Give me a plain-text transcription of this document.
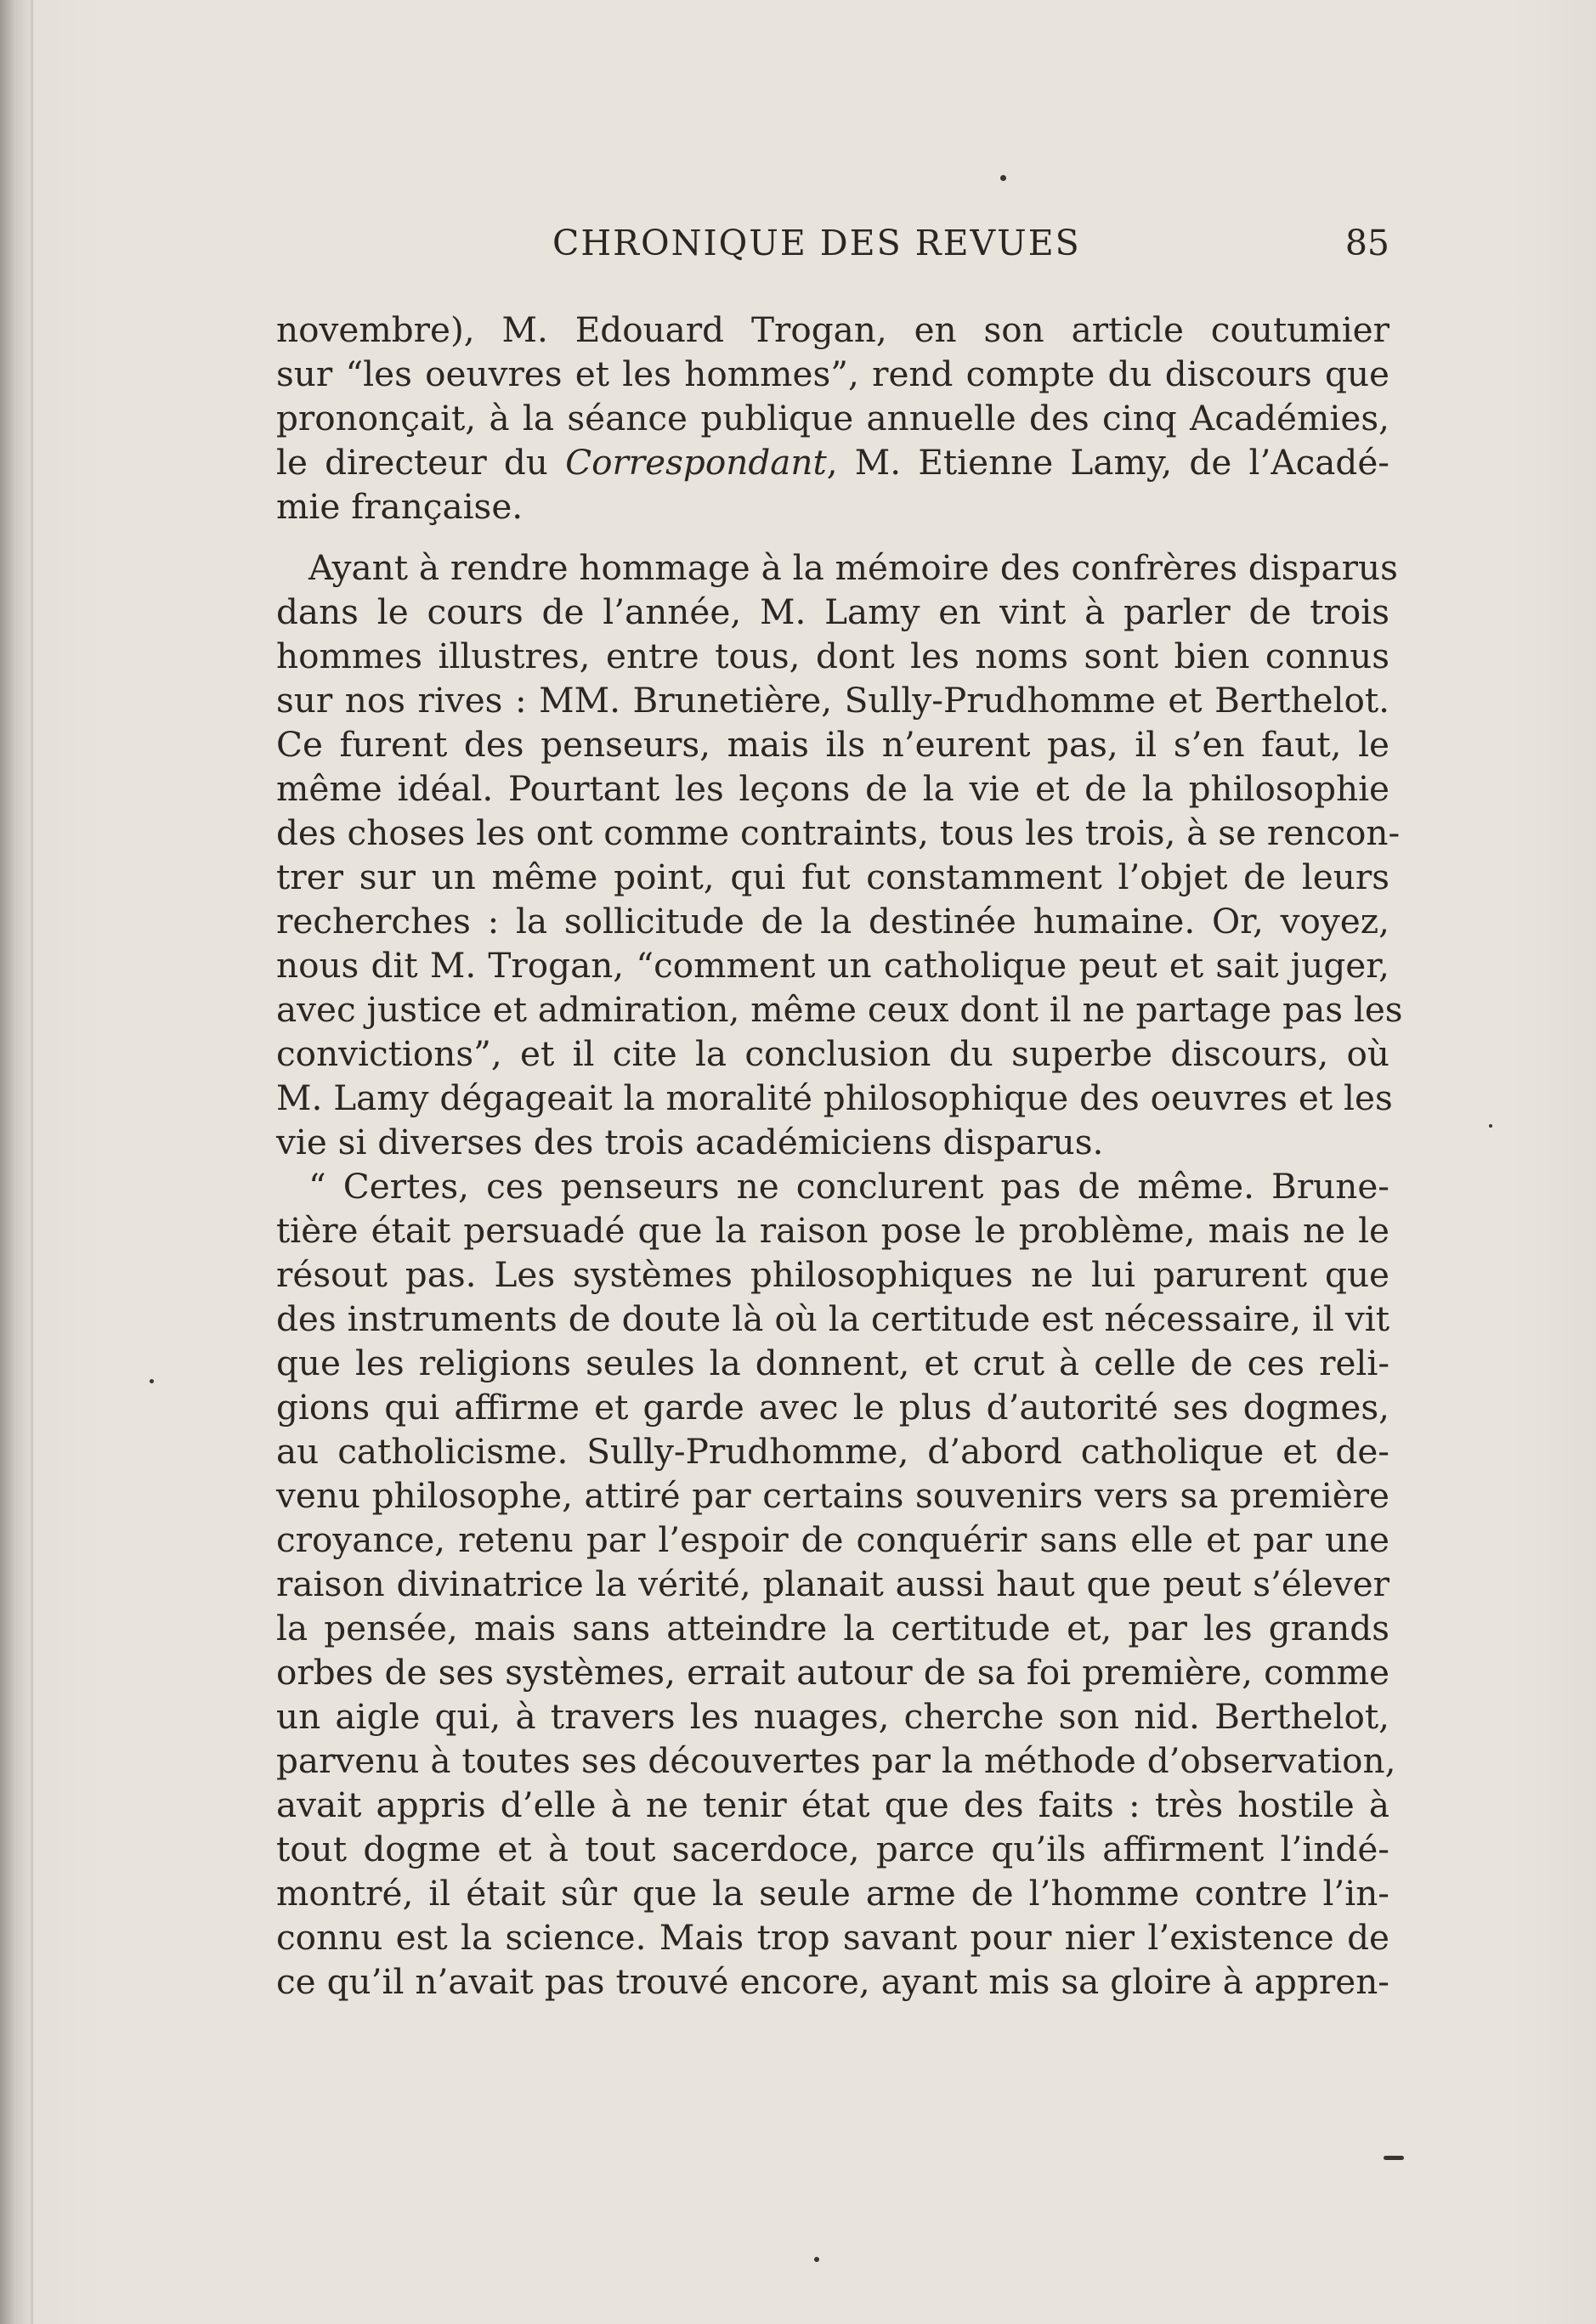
CHRONIQUE DES REVUES	85
novembre), M. Edouard Trogan, en son article coutumier
sur “les oeuvres et les hommes”, rend compte du discours que
prononçait, à la séance publique annuelle des cinq Académies,
le directeur du Correspondant, M. Etienne Lamy, de l’Acadé-
mie française.
Ayant à rendre hommage à la mémoire des confrères disparus
dans le cours de l’année, M. Lamy en vint à parler de trois
hommes illustres, entre tous, dont les noms sont bien connus
sur nos rives : MM. Brunetière, Sully-Prudhomme et Berthelot.
Ce furent des penseurs, mais ils n’eurent pas, il s’en faut, le
même idéal. Pourtant les leçons de la vie et de la philosophie
des choses les ont comme contraints, tous les trois, à se rencon-
trer sur un même point, qui fut constamment l’objet de leurs
recherches : la sollicitude de la destinée humaine. Or, voyez,
nous dit M. Trogan, “comment un catholique peut et sait juger,
avec justice et admiration, même ceux dont il ne partage pas les
convictions”, et il cite la conclusion du superbe discours, où
M. Lamy dégageait la moralité philosophique des oeuvres et les
vie si diverses des trois académiciens disparus.
“ Certes, ces penseurs ne conclurent pas de même. Brune-
tière était persuadé que la raison pose le problème, mais ne le
résout pas. Les systèmes philosophiques ne lui parurent que
des instruments de doute là où la certitude est nécessaire, il vit
que les religions seules la donnent, et crut à celle de ces reli-
gions qui affirme et garde avec le plus d’autorité ses dogmes,
au catholicisme. Sully-Prudhomme, d’abord catholique et de-
venu philosophe, attiré par certains souvenirs vers sa première
croyance, retenu par l’espoir de conquérir sans elle et par une
raison divinatrice la vérité, planait aussi haut que peut s’élever
la pensée, mais sans atteindre la certitude et, par les grands
orbes de ses systèmes, errait autour de sa foi première, comme
un aigle qui, à travers les nuages, cherche son nid. Berthelot,
parvenu à toutes ses découvertes par la méthode d’observation,
avait appris d’elle à ne tenir état que des faits : très hostile à
tout dogme et à tout sacerdoce, parce qu’ils affirment l’indé-
montré, il était sûr que la seule arme de l’homme contre l’in-
connu est la science. Mais trop savant pour nier l’existence de
ce qu’il n’avait pas trouvé encore, ayant mis sa gloire à appren-
